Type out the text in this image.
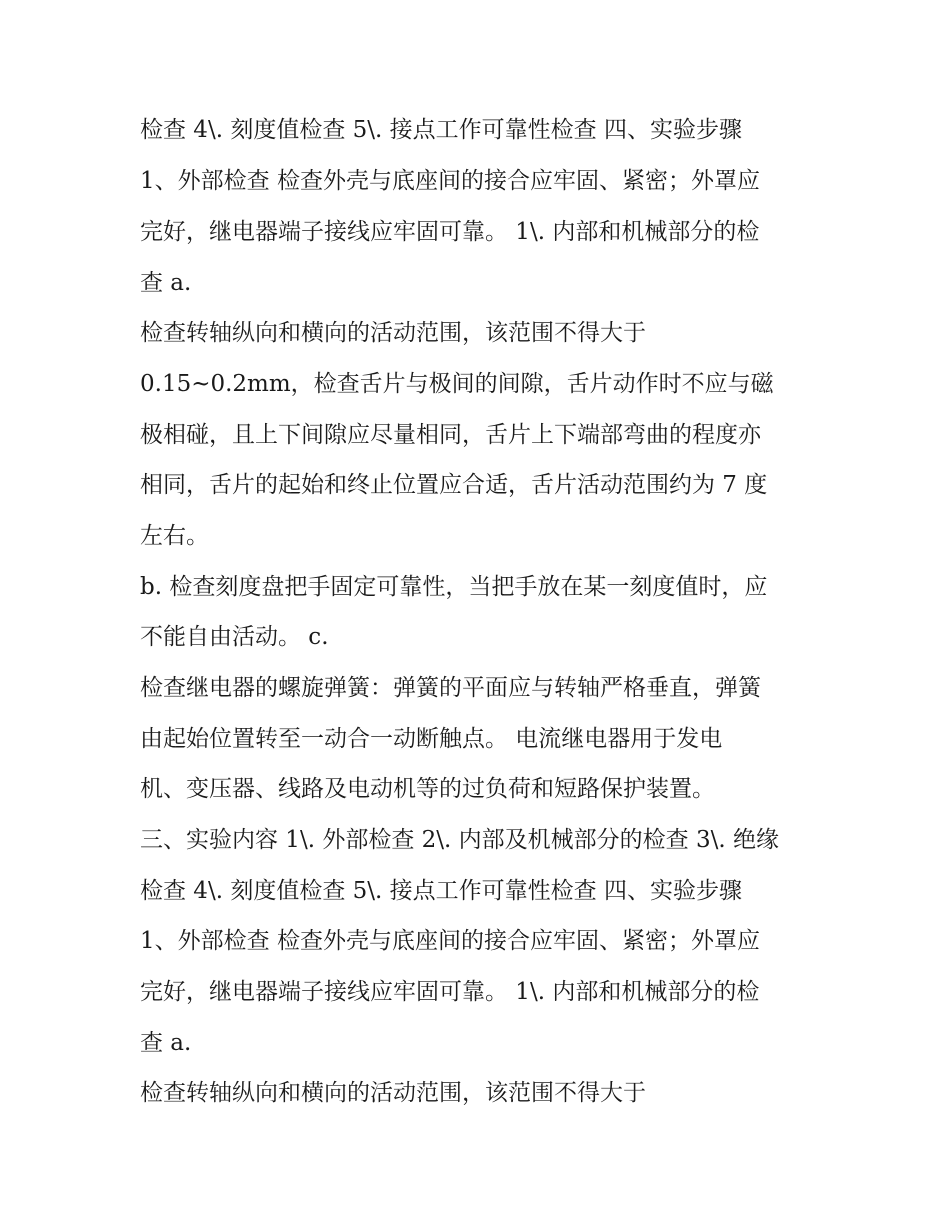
检查 4\. 刻度值检查 5\. 接点工作可靠性检查 四、实验步骤
1、外部检查 检查外壳与底座间的接合应牢固、紧密；外罩应
完好，继电器端子接线应牢固可靠。 1\. 内部和机械部分的检
查 a.
检查转轴纵向和横向的活动范围，该范围不得大于
0.15~0.2mm，检查舌片与极间的间隙，舌片动作时不应与磁
极相碰，且上下间隙应尽量相同，舌片上下端部弯曲的程度亦
相同，舌片的起始和终止位置应合适，舌片活动范围约为 7 度
左右。
b. 检查刻度盘把手固定可靠性，当把手放在某一刻度值时，应
不能自由活动。 c.
检查继电器的螺旋弹簧：弹簧的平面应与转轴严格垂直，弹簧
由起始位置转至一动合一动断触点。 电流继电器用于发电
机、变压器、线路及电动机等的过负荷和短路保护装置。
三、实验内容 1\. 外部检查 2\. 内部及机械部分的检查 3\. 绝缘
检查 4\. 刻度值检查 5\. 接点工作可靠性检查 四、实验步骤
1、外部检查 检查外壳与底座间的接合应牢固、紧密；外罩应
完好，继电器端子接线应牢固可靠。 1\. 内部和机械部分的检
查 a.
检查转轴纵向和横向的活动范围，该范围不得大于
